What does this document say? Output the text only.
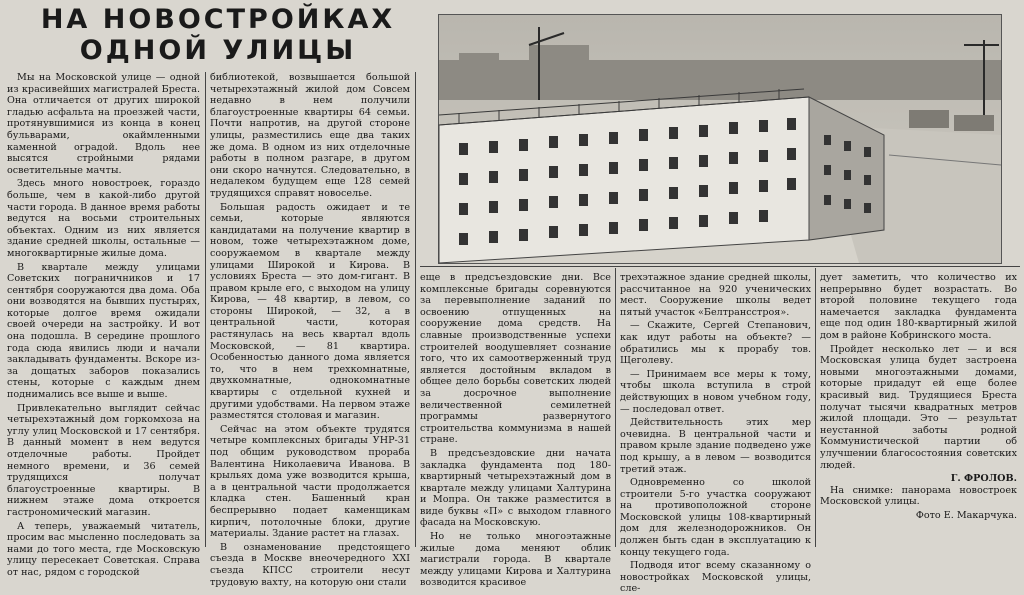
НА НОВОСТРОЙКАХ
ОДНОЙ УЛИЦЫ

Мы на Московской улице — одной из красивейших магистралей Бреста. Она отличается от других широкой гладью асфальта на проезжей части, протянувшимися из конца в конец бульварами, окаймленными каменной оградой. Вдоль нее высятся стройными рядами осветительные мачты.

Здесь много новостроек, гораздо больше, чем в какой-либо другой части города. В данное время работы ведутся на восьми строительных объектах. Одним из них является здание средней школы, остальные — многоквартирные жилые дома.

В квартале между улицами Советских пограничников и 17 сентября сооружаются два дома. Оба они возводятся на бывших пустырях, которые долгое время ожидали своей очереди на застройку. И вот она подошла. В середине прошлого года сюда явились люди и начали закладывать фундаменты. Вскоре из-за дощатых заборов показались стены, которые с каждым днем поднимались все выше и выше.

Привлекательно выглядит сейчас четырехэтажный дом горкомхоза на углу улиц Московской и 17 сентября. В данный момент в нем ведутся отделочные работы. Пройдет немного времени, и 36 семей трудящихся получат благоустроенные квартиры. В нижнем этаже дома откроется гастрономический магазин.

А теперь, уважаемый читатель, просим вас мысленно последовать за нами до того места, где Московскую улицу пересекает Советская. Справа от нас, рядом с городской

библиотекой, возвышается большой четырехэтажный жилой дом Совсем недавно в нем получили благоустроенные квартиры 64 семьи. Почти напротив, на другой стороне улицы, разместились еще два таких же дома. В одном из них отделочные работы в полном разгаре, в другом они скоро начнутся. Следовательно, в недалеком будущем еще 128 семей трудящихся справят новоселье.

Большая радость ожидает и те семьи, которые являются кандидатами на получение квартир в новом, тоже четырехэтажном доме, сооружаемом в квартале между улицами Широкой и Кирова. В условиях Бреста — это дом-гигант. В правом крыле его, с выходом на улицу Кирова, — 48 квартир, в левом, со стороны Широкой, — 32, а в центральной части, которая растянулась на весь квартал вдоль Московской, — 81 квартира. Особенностью данного дома является то, что в нем трехкомнатные, двухкомнатные, однокомнатные квартиры с отдельной кухней и другими удобствами. На первом этаже разместятся столовая и магазин.

Сейчас на этом объекте трудятся четыре комплексных бригады УНР-31 под общим руководством прораба Валентина Николаевича Иванова. В крыльях дома уже возводится крыша, а в центральной части продолжается кладка стен. Башенный кран беспрерывно подает каменщикам кирпич, потолочные блоки, другие материалы. Здание растет на глазах.

В ознаменование предстоящего съезда в Москве внеочередного XXI съезда КПСС строители несут трудовую вахту, на которую они стали

еще в предсъездовские дни. Все комплексные бригады соревнуются за перевыполнение заданий по освоению отпущенных на сооружение дома средств. На славные производственные успехи строителей воодушевляет сознание того, что их самоотверженный труд является достойным вкладом в общее дело борьбы советских людей за досрочное выполнение величественной семилетней программы развернутого строительства коммунизма в нашей стране.

В предсъездовские дни начата закладка фундамента под 180-квартирный четырехэтажный дом в квартале между улицами Халтурина и Мопра. Он также разместится в виде буквы «П» с выходом главного фасада на Московскую.

Но не только многоэтажные жилые дома меняют облик магистрали города. В квартале между улицами Кирова и Халтурина возводится красивое

трехэтажное здание средней школы, рассчитанное на 920 ученических мест. Сооружение школы ведет пятый участок «Белтрансстроя».

— Скажите, Сергей Степанович, как идут работы на объекте? — обратились мы к прорабу тов. Щеголеву.

— Принимаем все меры к тому, чтобы школа вступила в строй действующих в новом учебном году, — последовал ответ.

Действительность этих мер очевидна. В центральной части и правом крыле здание подведено уже под крышу, а в левом — возводится третий этаж.

Одновременно со школой строители 5-го участка сооружают на противоположной стороне Московской улицы 108-квартирный дом для железнодорожников. Он должен быть сдан в эксплуатацию к концу текущего года.

Подводя итог всему сказанному о новостройках Московской улицы, сле-

дует заметить, что количество их непрерывно будет возрастать. Во второй половине текущего года намечается закладка фундамента еще под один 180-квартирный жилой дом в районе Кобринского моста.

Пройдет несколько лет — и вся Московская улица будет застроена новыми многоэтажными домами, которые придадут ей еще более красивый вид. Трудящиеся Бреста получат тысячи квадратных метров жилой площади. Это — результат неустанной заботы родной Коммунистической партии об улучшении благосостояния советских людей.

Г. ФРОЛОВ.

На снимке: панорама новостроек Московской улицы.

Фото Е. Макарчука.
